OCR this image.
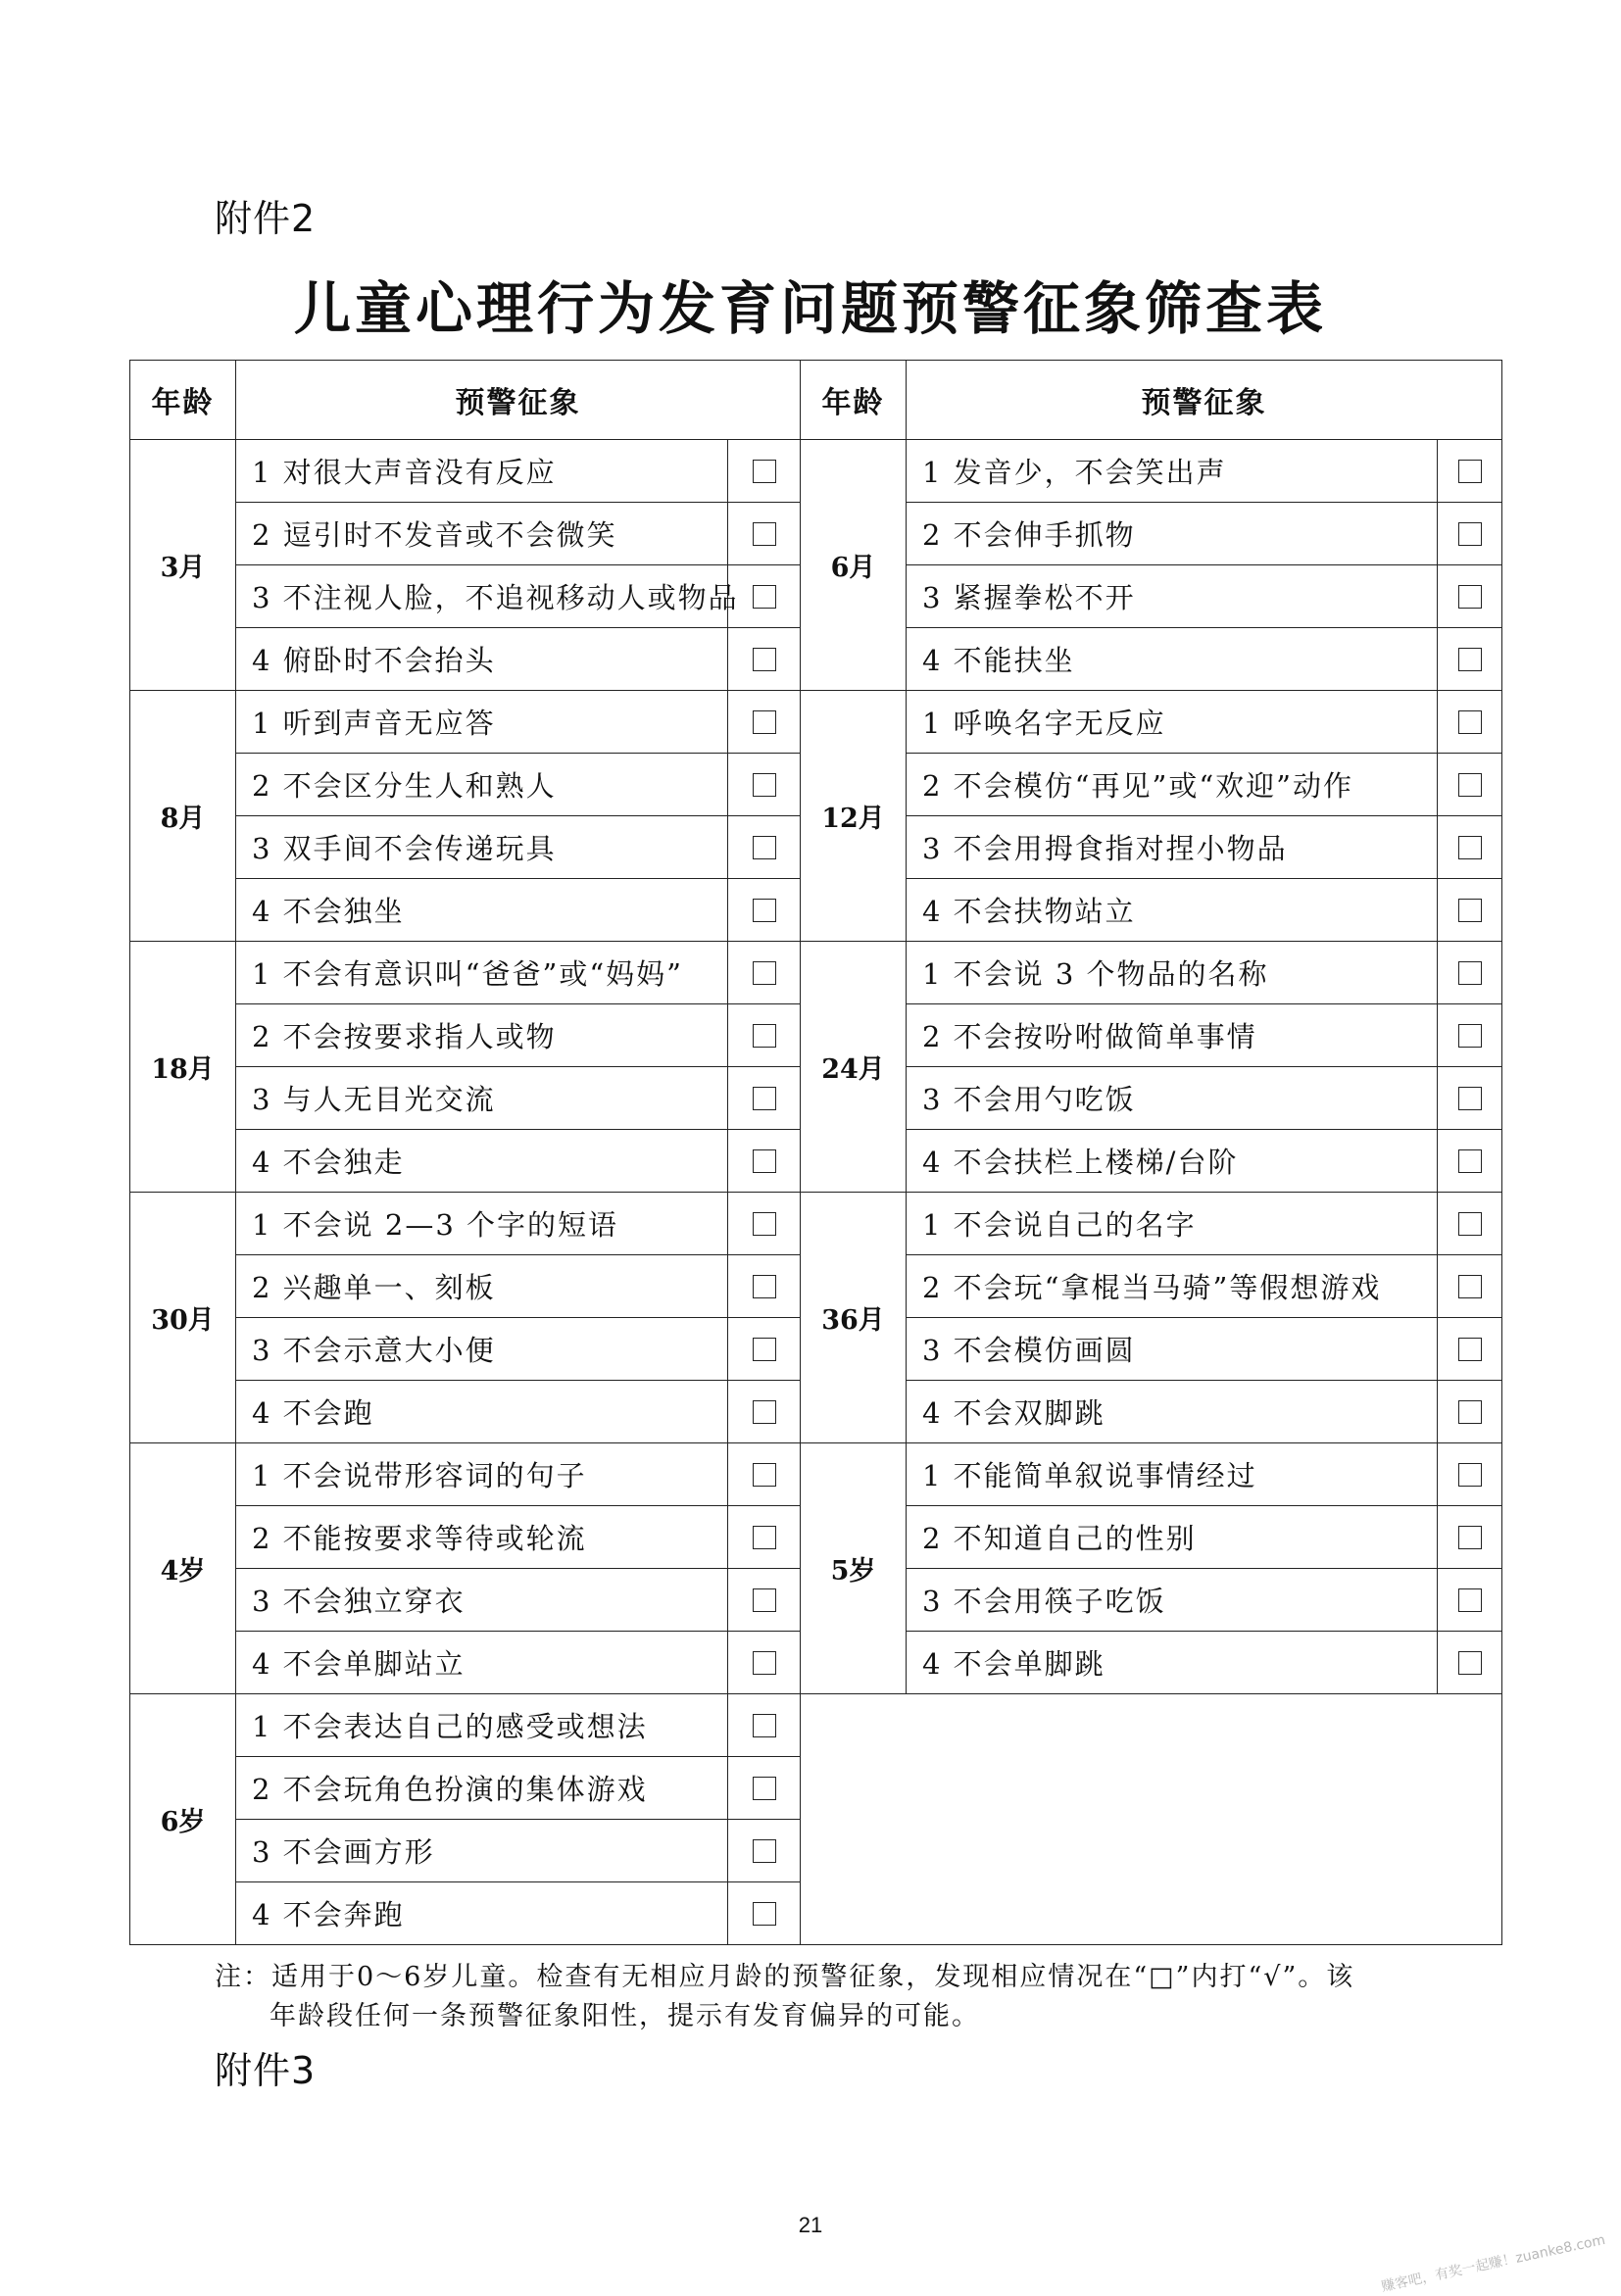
附件2
儿童心理行为发育问题预警征象筛查表
年龄	预警征象		年龄	预警征象	
3月	1 对很大声音没有反应		6月	1 发音少，不会笑出声	
	2 逗引时不发音或不会微笑			2 不会伸手抓物	
	3 不注视人脸，不追视移动人或物品			3 紧握拳松不开	
	4 俯卧时不会抬头			4 不能扶坐	
8月	1 听到声音无应答		12月	1 呼唤名字无反应	
	2 不会区分生人和熟人			2 不会模仿“再见”或“欢迎”动作	
	3 双手间不会传递玩具			3 不会用拇食指对捏小物品	
	4 不会独坐			4 不会扶物站立	
18月	1 不会有意识叫“爸爸”或“妈妈”		24月	1 不会说 3 个物品的名称	
	2 不会按要求指人或物			2 不会按吩咐做简单事情	
	3 与人无目光交流			3 不会用勺吃饭	
	4 不会独走			4 不会扶栏上楼梯/台阶	
30月	1 不会说 2—3 个字的短语		36月	1 不会说自己的名字	
	2 兴趣单一、刻板			2 不会玩“拿棍当马骑”等假想游戏	
	3 不会示意大小便			3 不会模仿画圆	
	4 不会跑			4 不会双脚跳	
4岁	1 不会说带形容词的句子		5岁	1 不能简单叙说事情经过	
	2 不能按要求等待或轮流			2 不知道自己的性别	
	3 不会独立穿衣			3 不会用筷子吃饭	
	4 不会单脚站立			4 不会单脚跳	
6岁	1 不会表达自己的感受或想法				
	2 不会玩角色扮演的集体游戏				
	3 不会画方形				
	4 不会奔跑				
注：适用于0～6岁儿童。检查有无相应月龄的预警征象，发现相应情况在“□”内打“√”。该
年龄段任何一条预警征象阳性，提示有发育偏异的可能。
附件3
21
赚客吧，有奖一起赚！zuanke8.com
